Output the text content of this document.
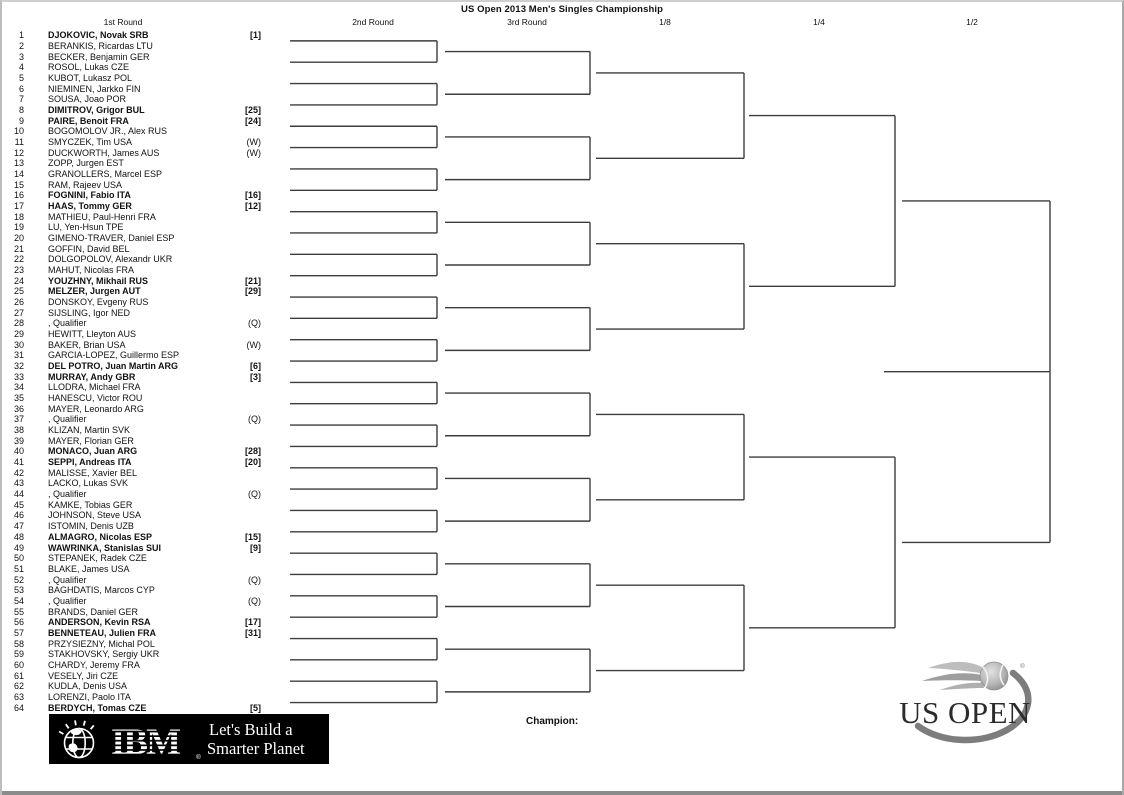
US Open 2013 Men's Singles Championship
1st Round	2nd Round	3rd Round	1/8	1/4	1/2
1	DJOKOVIC, Novak SRB	[1]
2	BERANKIS, Ricardas LTU
3	BECKER, Benjamin GER
4	ROSOL, Lukas CZE
5	KUBOT, Lukasz POL
6	NIEMINEN, Jarkko FIN
7	SOUSA, Joao POR
8	DIMITROV, Grigor BUL	[25]
9	PAIRE, Benoit FRA	[24]
10	BOGOMOLOV JR., Alex RUS
11	SMYCZEK, Tim USA	(W)
12	DUCKWORTH, James AUS	(W)
13	ZOPP, Jurgen EST
14	GRANOLLERS, Marcel ESP
15	RAM, Rajeev USA
16	FOGNINI, Fabio ITA	[16]
17	HAAS, Tommy GER	[12]
18	MATHIEU, Paul-Henri FRA
19	LU, Yen-Hsun TPE
20	GIMENO-TRAVER, Daniel ESP
21	GOFFIN, David BEL
22	DOLGOPOLOV, Alexandr UKR
23	MAHUT, Nicolas FRA
24	YOUZHNY, Mikhail RUS	[21]
25	MELZER, Jurgen AUT	[29]
26	DONSKOY, Evgeny RUS
27	SIJSLING, Igor NED
28	, Qualifier	(Q)
29	HEWITT, Lleyton AUS
30	BAKER, Brian USA	(W)
31	GARCIA-LOPEZ, Guillermo ESP
32	DEL POTRO, Juan Martin ARG	[6]
33	MURRAY, Andy GBR	[3]
34	LLODRA, Michael FRA
35	HANESCU, Victor ROU
36	MAYER, Leonardo ARG
37	, Qualifier	(Q)
38	KLIZAN, Martin SVK
39	MAYER, Florian GER
40	MONACO, Juan ARG	[28]
41	SEPPI, Andreas ITA	[20]
42	MALISSE, Xavier BEL
43	LACKO, Lukas SVK
44	, Qualifier	(Q)
45	KAMKE, Tobias GER
46	JOHNSON, Steve USA
47	ISTOMIN, Denis UZB
48	ALMAGRO, Nicolas ESP	[15]
49	WAWRINKA, Stanislas SUI	[9]
50	STEPANEK, Radek CZE
51	BLAKE, James USA
52	, Qualifier	(Q)
53	BAGHDATIS, Marcos CYP
54	, Qualifier	(Q)
55	BRANDS, Daniel GER
56	ANDERSON, Kevin RSA	[17]
57	BENNETEAU, Julien FRA	[31]
58	PRZYSIEZNY, Michal POL
59	STAKHOVSKY, Sergiy UKR
60	CHARDY, Jeremy FRA
61	VESELY, Jiri CZE
62	KUDLA, Denis USA
63	LORENZI, Paolo ITA
64	BERDYCH, Tomas CZE	[5]
Champion:
IBM	®
Let's Build a
Smarter Planet
®
US OPEN
